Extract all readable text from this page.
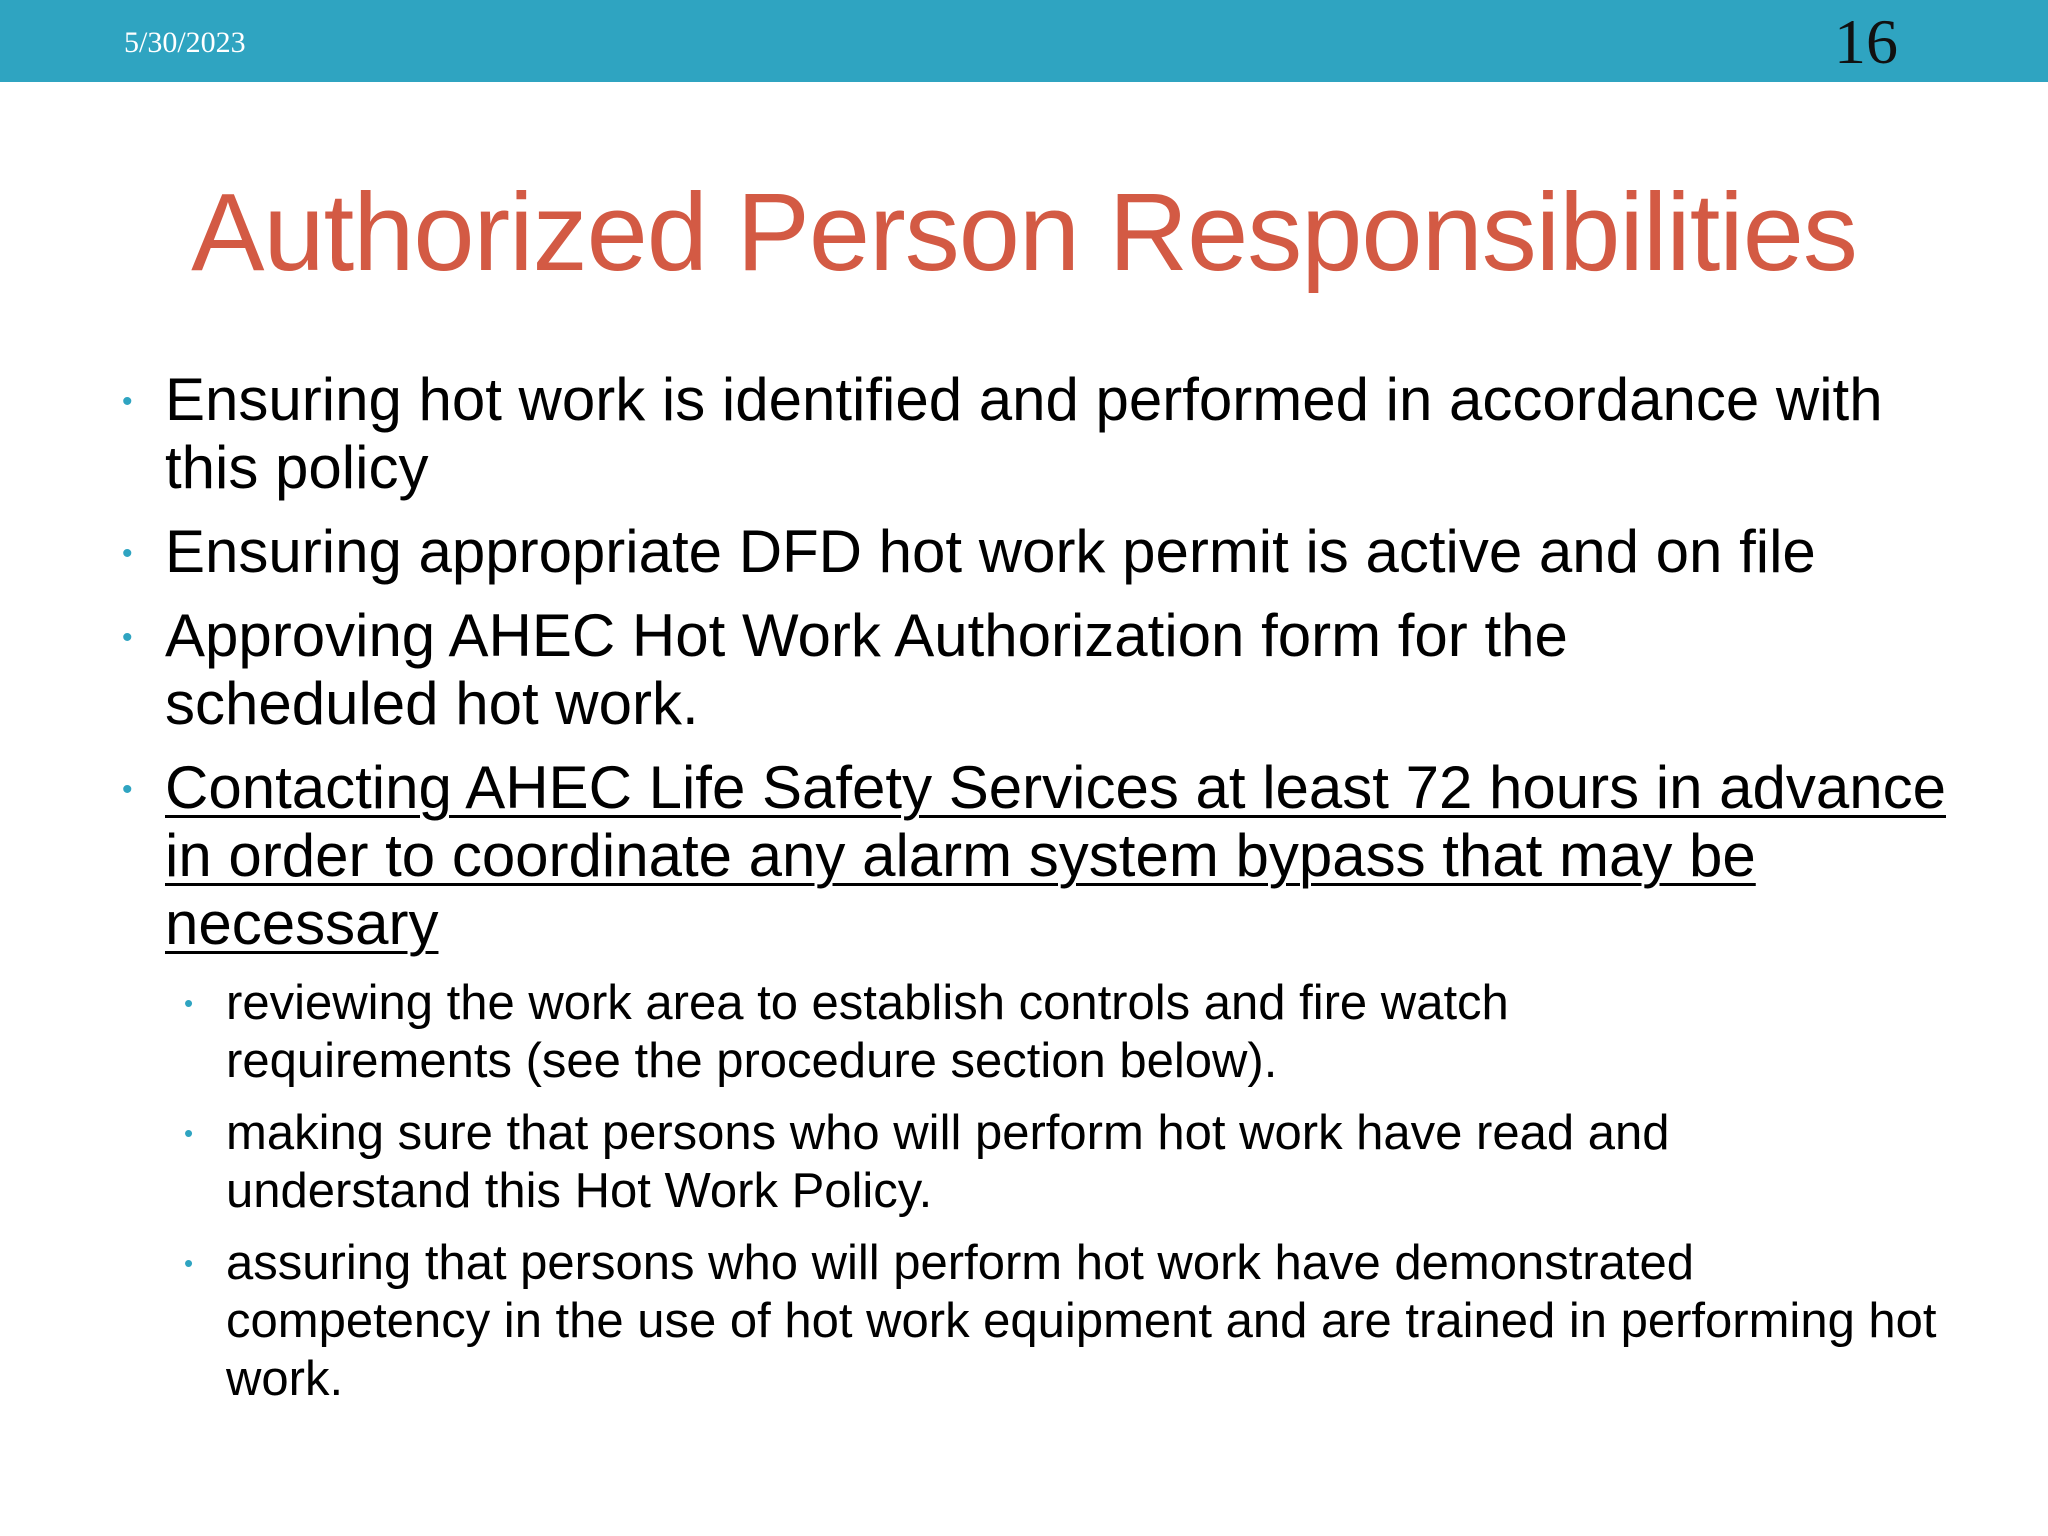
5/30/2023	16
Authorized Person Responsibilities
• Ensuring hot work is identified and performed in accordance with this policy
• Ensuring appropriate DFD hot work permit is active and on file
• Approving AHEC Hot Work Authorization form for the scheduled hot work.
• Contacting AHEC Life Safety Services at least 72 hours in advance in order to coordinate any alarm system bypass that may be necessary
• reviewing the work area to establish controls and fire watch requirements (see the procedure section below).
• making sure that persons who will perform hot work have read and understand this Hot Work Policy.
• assuring that persons who will perform hot work have demonstrated competency in the use of hot work equipment and are trained in performing hot work.
